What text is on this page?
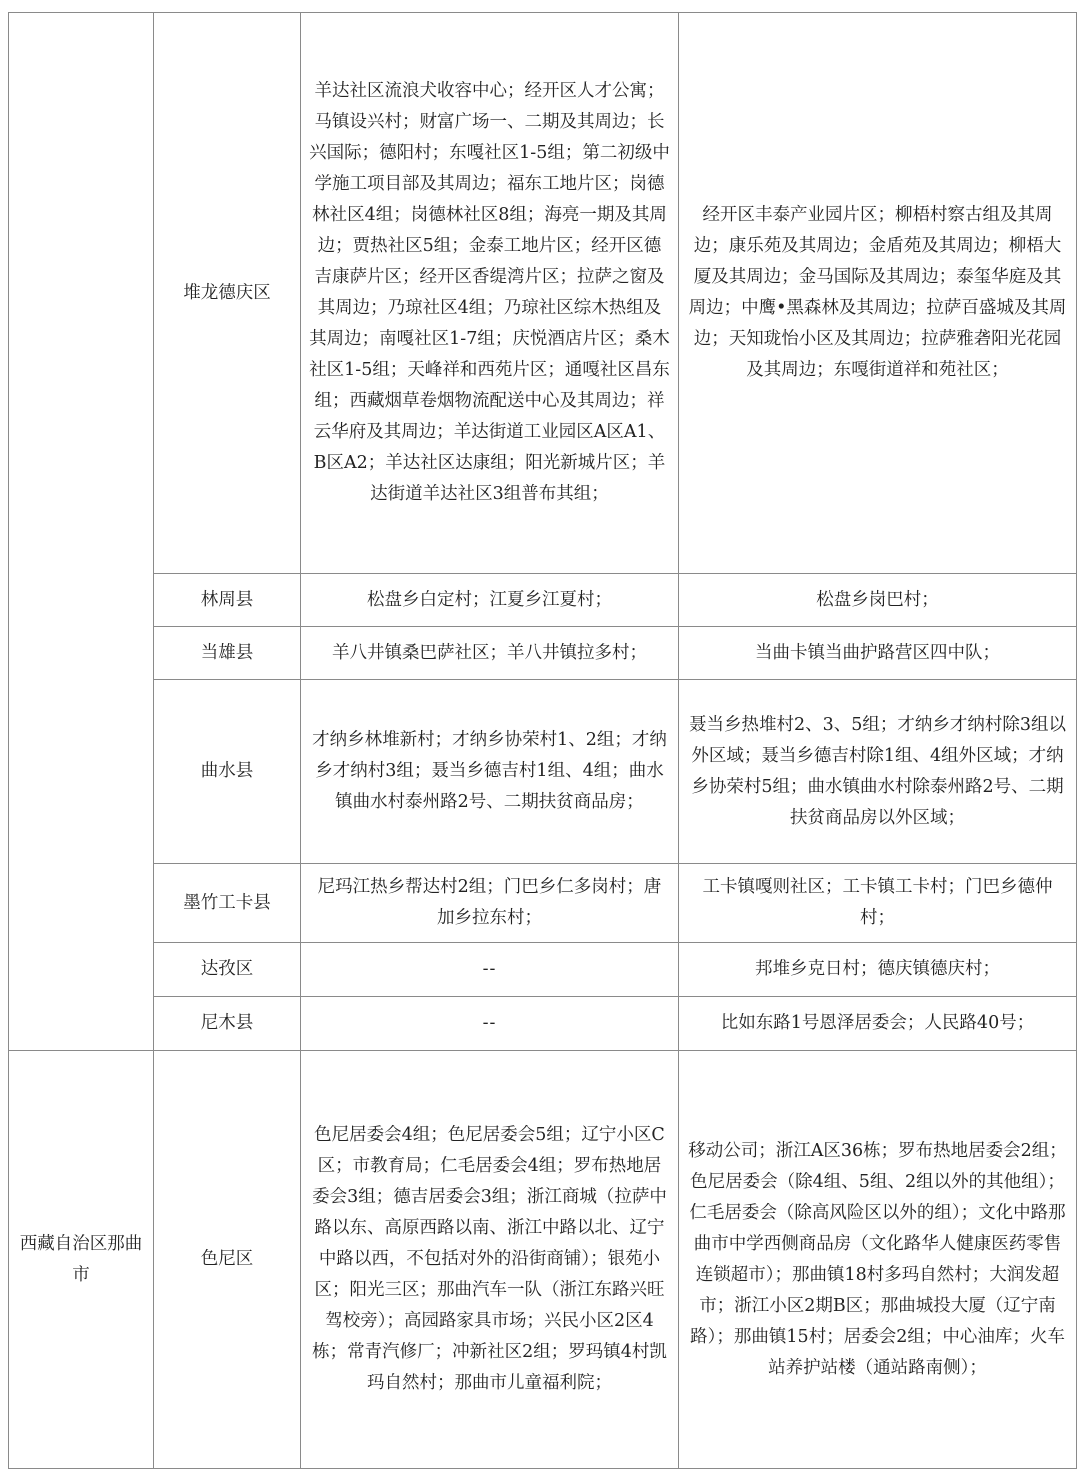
	堆龙德庆区	羊达社区流浪犬收容中心；经开区人才公寓；马镇设兴村；财富广场一、二期及其周边；长兴国际；德阳村；东嘎社区1-5组；第二初级中学施工项目部及其周边；福东工地片区；岗德林社区4组；岗德林社区8组；海亮一期及其周边；贾热社区5组；金泰工地片区；经开区德吉康萨片区；经开区香缇湾片区；拉萨之窗及其周边；乃琼社区4组；乃琼社区综木热组及其周边；南嘎社区1-7组；庆悦酒店片区；桑木社区1-5组；天峰祥和西苑片区；通嘎社区昌东组；西藏烟草卷烟物流配送中心及其周边；祥云华府及其周边；羊达街道工业园区A区A1、B区A2；羊达社区达康组；阳光新城片区；羊达街道羊达社区3组普布其组；	经开区丰泰产业园片区；柳梧村察古组及其周边；康乐苑及其周边；金盾苑及其周边；柳梧大厦及其周边；金马国际及其周边；泰玺华庭及其周边；中鹰•黑森林及其周边；拉萨百盛城及其周边；天知珑怡小区及其周边；拉萨雅砻阳光花园及其周边；东嘎街道祥和苑社区；
	林周县	松盘乡白定村；江夏乡江夏村；	松盘乡岗巴村；
	当雄县	羊八井镇桑巴萨社区；羊八井镇拉多村；	当曲卡镇当曲护路营区四中队；
	曲水县	才纳乡林堆新村；才纳乡协荣村1、2组；才纳乡才纳村3组；聂当乡德吉村1组、4组；曲水镇曲水村泰州路2号、二期扶贫商品房；	聂当乡热堆村2、3、5组；才纳乡才纳村除3组以外区域；聂当乡德吉村除1组、4组外区域；才纳乡协荣村5组；曲水镇曲水村除泰州路2号、二期扶贫商品房以外区域；
	墨竹工卡县	尼玛江热乡帮达村2组；门巴乡仁多岗村；唐加乡拉东村；	工卡镇嘎则社区；工卡镇工卡村；门巴乡德仲村；
	达孜区	--	邦堆乡克日村；德庆镇德庆村；
	尼木县	--	比如东路1号恩泽居委会；人民路40号；
西藏自治区那曲市	色尼区	色尼居委会4组；色尼居委会5组；辽宁小区C区；市教育局；仁毛居委会4组；罗布热地居委会3组；德吉居委会3组；浙江商城（拉萨中路以东、高原西路以南、浙江中路以北、辽宁中路以西，不包括对外的沿街商铺）；银苑小区；阳光三区；那曲汽车一队（浙江东路兴旺驾校旁）；高园路家具市场；兴民小区2区4栋；常青汽修厂；冲新社区2组；罗玛镇4村凯玛自然村；那曲市儿童福利院；	移动公司；浙江A区36栋；罗布热地居委会2组；色尼居委会（除4组、5组、2组以外的其他组）；仁毛居委会（除高风险区以外的组）；文化中路那曲市中学西侧商品房（文化路华人健康医药零售连锁超市）；那曲镇18村多玛自然村；大润发超市；浙江小区2期B区；那曲城投大厦（辽宁南路）；那曲镇15村；居委会2组；中心油库；火车站养护站楼（通站路南侧）；
